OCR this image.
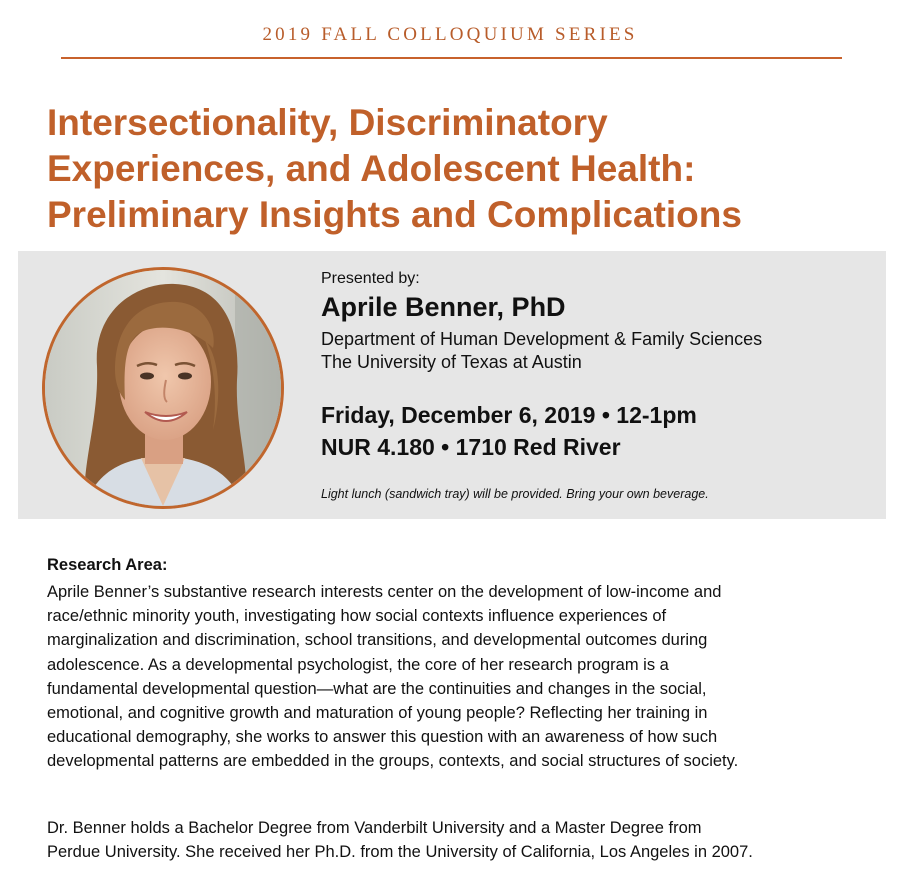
2019 FALL COLLOQUIUM SERIES
Intersectionality, Discriminatory
Experiences, and Adolescent Health:
Preliminary Insights and Complications
Presented by:
Aprile Benner, PhD
Department of Human Development & Family Sciences
The University of Texas at Austin
Friday, December 6, 2019 • 12-1pm
NUR 4.180 • 1710 Red River
Light lunch (sandwich tray) will be provided. Bring your own beverage.
Research Area:
Aprile Benner’s substantive research interests center on the development of low-income and
race/ethnic minority youth, investigating how social contexts influence experiences of
marginalization and discrimination, school transitions, and developmental outcomes during
adolescence. As a developmental psychologist, the core of her research program is a
fundamental developmental question—what are the continuities and changes in the social,
emotional, and cognitive growth and maturation of young people? Reflecting her training in
educational demography, she works to answer this question with an awareness of how such
developmental patterns are embedded in the groups, contexts, and social structures of society.
Dr. Benner holds a Bachelor Degree from Vanderbilt University and a Master Degree from
Perdue University. She received her Ph.D. from the University of California, Los Angeles in 2007.
